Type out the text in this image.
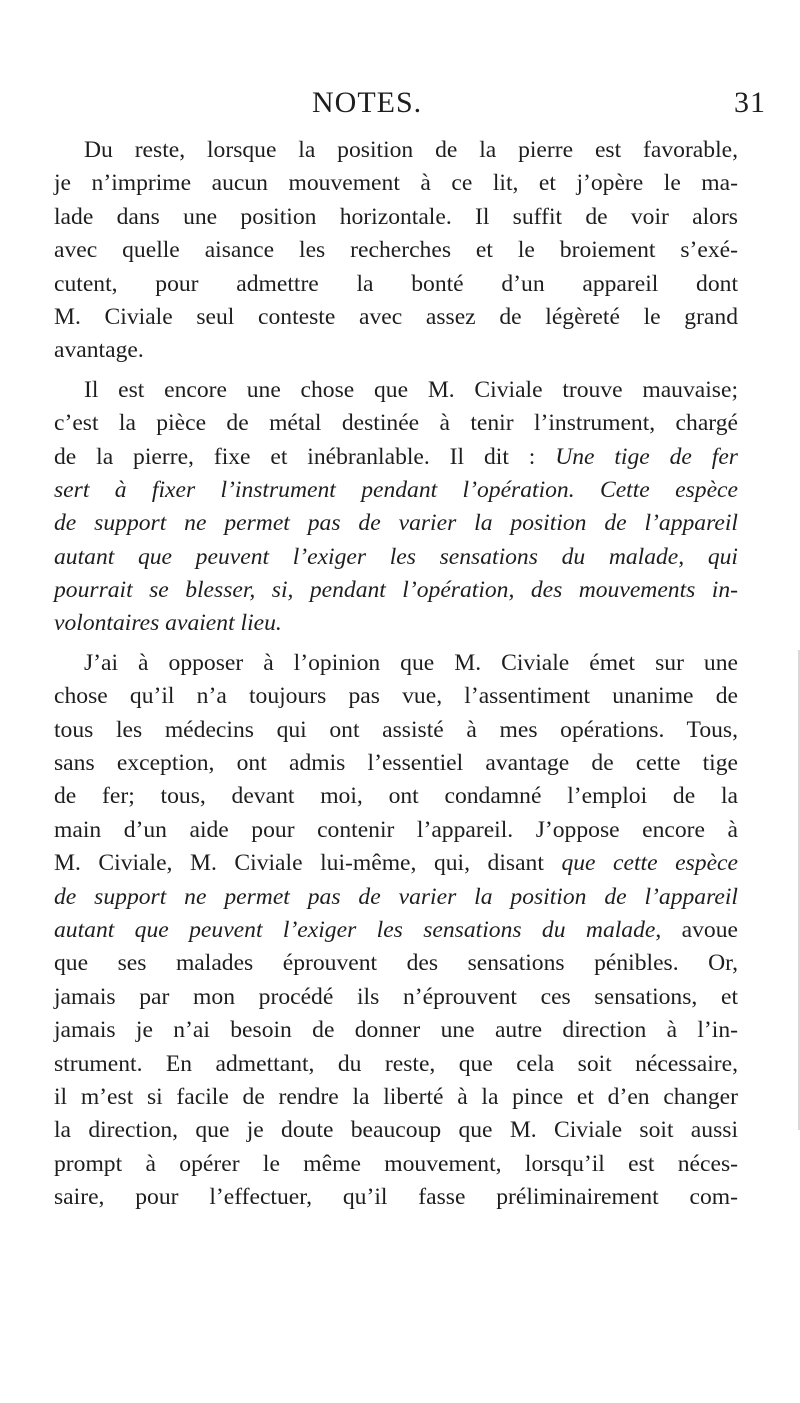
NOTES.	31
Du reste, lorsque la position de la pierre est favorable,
je n’imprime aucun mouvement à ce lit, et j’opère le ma-
lade dans une position horizontale. Il suffit de voir alors
avec quelle aisance les recherches et le broiement s’exé-
cutent, pour admettre la bonté d’un appareil dont
M. Civiale seul conteste avec assez de légèreté le grand
avantage.
Il est encore une chose que M. Civiale trouve mauvaise;
c’est la pièce de métal destinée à tenir l’instrument, chargé
de la pierre, fixe et inébranlable. Il dit : Une tige de fer
sert à fixer l’instrument pendant l’opération. Cette espèce
de support ne permet pas de varier la position de l’appareil
autant que peuvent l’exiger les sensations du malade, qui
pourrait se blesser, si, pendant l’opération, des mouvements in-
volontaires avaient lieu.
J’ai à opposer à l’opinion que M. Civiale émet sur une
chose qu’il n’a toujours pas vue, l’assentiment unanime de
tous les médecins qui ont assisté à mes opérations. Tous,
sans exception, ont admis l’essentiel avantage de cette tige
de fer; tous, devant moi, ont condamné l’emploi de la
main d’un aide pour contenir l’appareil. J’oppose encore à
M. Civiale, M. Civiale lui-même, qui, disant que cette espèce
de support ne permet pas de varier la position de l’appareil
autant que peuvent l’exiger les sensations du malade, avoue
que ses malades éprouvent des sensations pénibles. Or,
jamais par mon procédé ils n’éprouvent ces sensations, et
jamais je n’ai besoin de donner une autre direction à l’in-
strument. En admettant, du reste, que cela soit nécessaire,
il m’est si facile de rendre la liberté à la pince et d’en changer
la direction, que je doute beaucoup que M. Civiale soit aussi
prompt à opérer le même mouvement, lorsqu’il est néces-
saire, pour l’effectuer, qu’il fasse préliminairement com-
